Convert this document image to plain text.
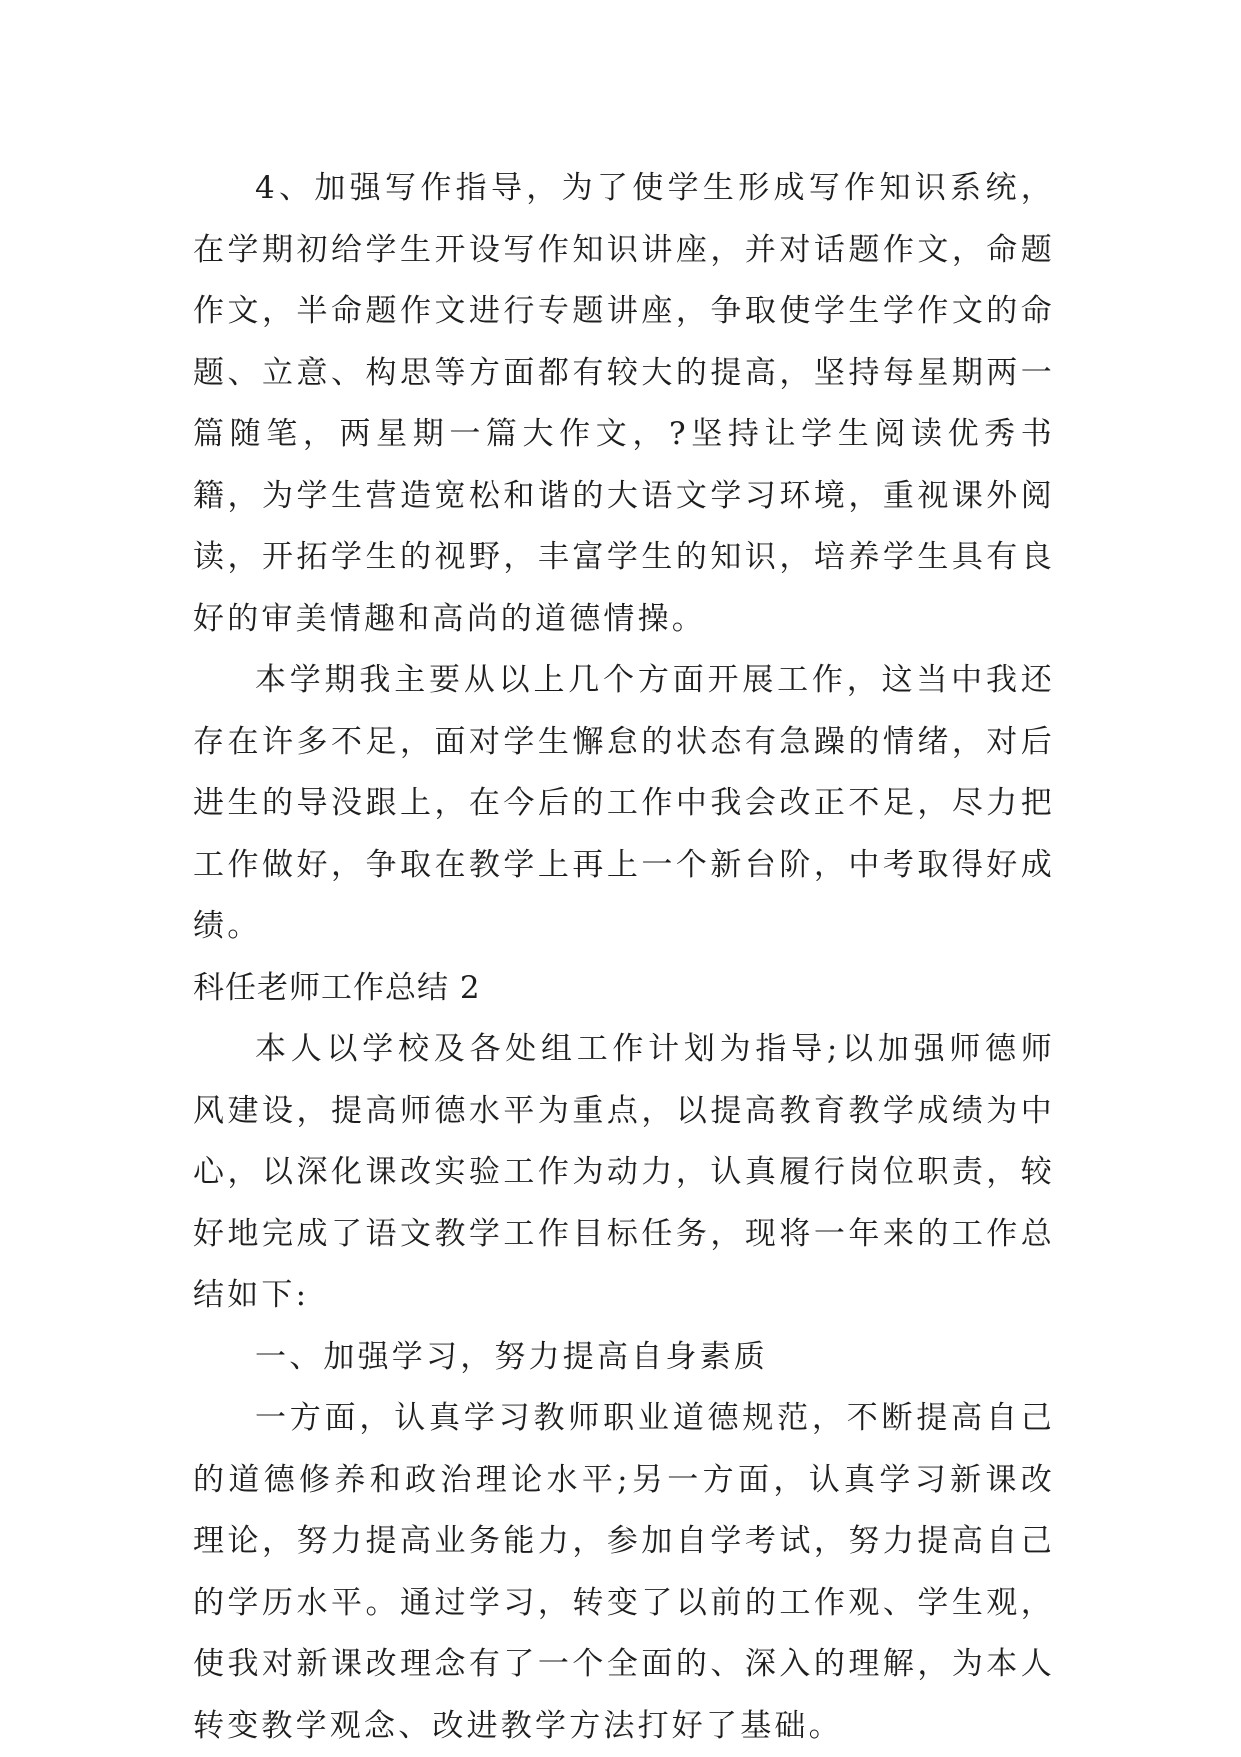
4、加强写作指导，为了使学生形成写作知识系统，在学期初给学生开设写作知识讲座，并对话题作文，命题作文，半命题作文进行专题讲座，争取使学生学作文的命题、立意、构思等方面都有较大的提高，坚持每星期两一篇随笔，两星期一篇大作文，?坚持让学生阅读优秀书籍，为学生营造宽松和谐的大语文学习环境，重视课外阅读，开拓学生的视野，丰富学生的知识，培养学生具有良好的审美情趣和高尚的道德情操。

本学期我主要从以上几个方面开展工作，这当中我还存在许多不足，面对学生懈怠的状态有急躁的情绪，对后进生的导没跟上，在今后的工作中我会改正不足，尽力把工作做好，争取在教学上再上一个新台阶，中考取得好成绩。

科任老师工作总结 2

本人以学校及各处组工作计划为指导;以加强师德师风建设，提高师德水平为重点，以提高教育教学成绩为中心，以深化课改实验工作为动力，认真履行岗位职责，较好地完成了语文教学工作目标任务，现将一年来的工作总结如下:

一、加强学习，努力提高自身素质

一方面，认真学习教师职业道德规范，不断提高自己的道德修养和政治理论水平;另一方面，认真学习新课改理论，努力提高业务能力，参加自学考试，努力提高自己的学历水平。通过学习，转变了以前的工作观、学生观，使我对新课改理念有了一个全面的、深入的理解，为本人转变教学观念、改进教学方法打好了基础。
